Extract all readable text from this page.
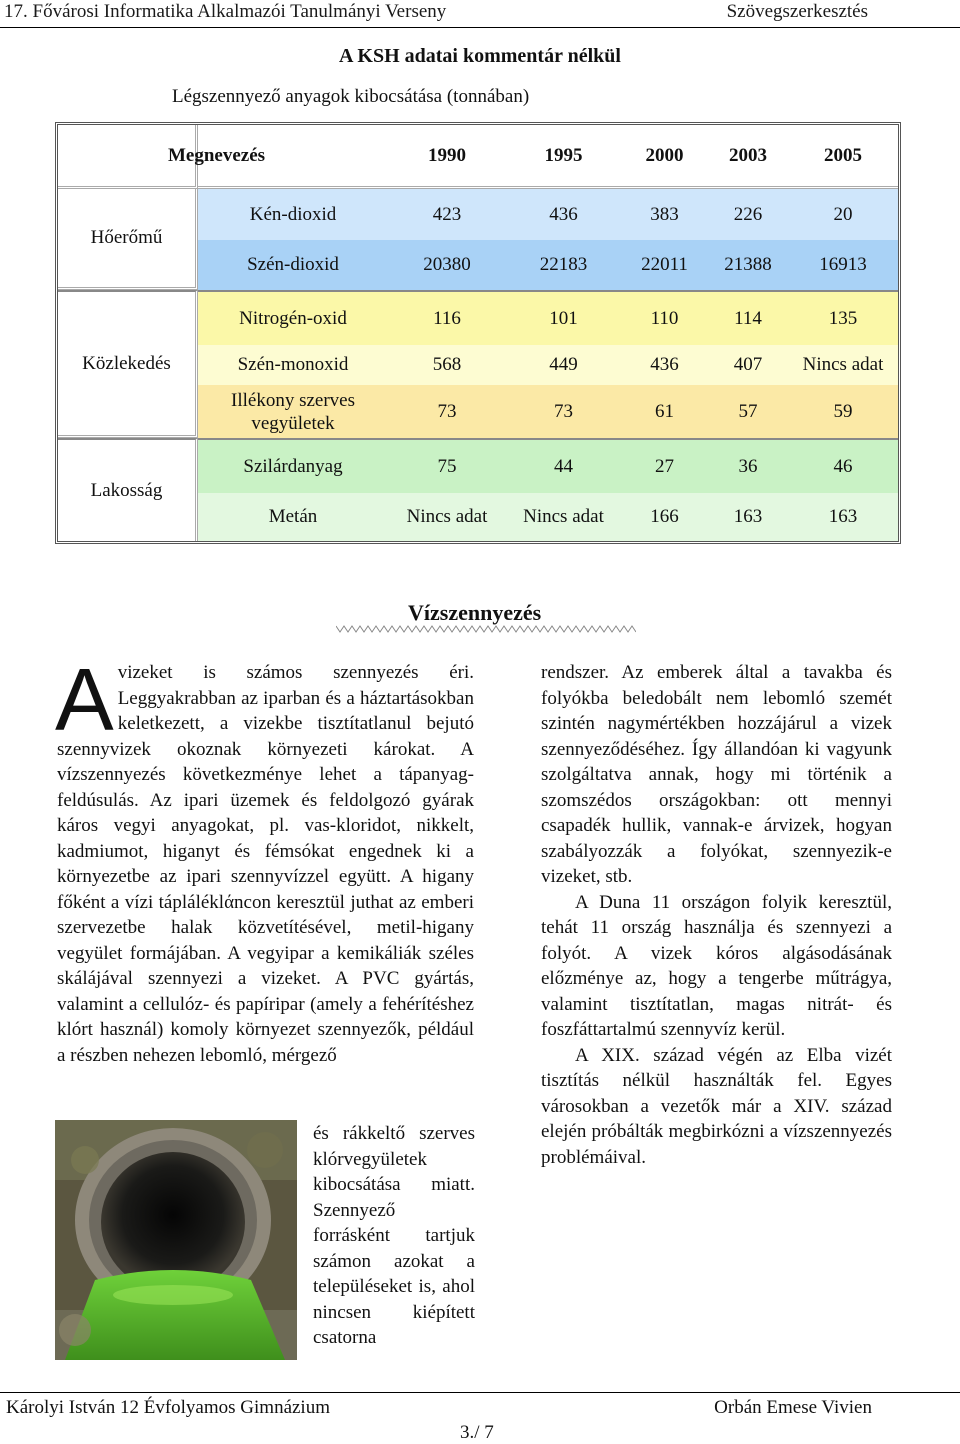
17. Fővárosi Informatika Alkalmazói Tanulmányi Verseny	Szövegszerkesztés
A KSH adatai kommentár nélkül
Légszennyező anyagok kibocsátása (tonnában)
	Megnevezés	1990	1995	2000	2003	2005
Hőerőmű	Kén-dioxid	423	436	383	226	20
	Szén-dioxid	20380	22183	22011	21388	16913
Közlekedés	Nitrogén-oxid	116	101	110	114	135
	Szén-monoxid	568	449	436	407	Nincs adat
	Illékony szerves vegyületek	73	73	61	57	59
Lakosság	Szilárdanyag	75	44	27	36	46
	Metán	Nincs adat	Nincs adat	166	163	163
Vízszennyezés

Avizeket is számos szennyezés éri. Leggyakrabban az iparban és a háztartásokban keletkezett, a vizekbe tisztítatlanul bejutó szennyvizek okoznak környezeti károkat. A vízszennyezés következménye lehet a tápanyag-feldúsulás. Az ipari üzemek és feldolgozó gyárak káros vegyi anyagokat, pl. vas-kloridot, nikkelt, kadmiumot, higanyt és fémsókat engednek ki a környezetbe az ipari szennyvízzel együtt. A higany főként a vízi tápláléklάncon keresztül juthat az emberi szervezetbe halak közvetítésével, metil-higany vegyület formájában. A vegyipar a kemikáliák széles skálájával szennyezi a vizeket. A PVC gyártás, valamint a cellulóz- és papíripar (amely a fehérítéshez klórt használ) komoly környezet szennyezők, például a részben nehezen lebomló, mérgező

és rákkeltő szerves klórvegyületek kibocsátása miatt. Szennyező forrásként tartjuk számon azokat a településeket is, ahol nincsen kiépített csatorna

rendszer. Az emberek által a tavakba és folyókba beledobált nem lebomló szemét szintén nagymértékben hozzájárul a vizek szennyeződéséhez. Így állandóan ki vagyunk szolgáltatva annak, hogy mi történik a szomszédos országokban: ott mennyi csapadék hullik, vannak-e árvizek, hogyan szabályozzák a folyókat, szennyezik-e vizeket, stb.

A Duna 11 országon folyik keresztül, tehát 11 ország használja és szennyezi a folyót. A vizek kóros algásodásának előzménye az, hogy a tengerbe műtrágya, valamint tisztítatlan, magas nitrát- és foszfáttartalmú szennyvíz kerül.

A XIX. század végén az Elba vizét tisztítás nélkül használták fel. Egyes városokban a vezetők már a XIV. század elején próbálták megbirkózni a vízszennyezés problémáival.

Károlyi István 12 Évfolyamos Gimnázium	Orbán Emese Vivien
3./ 7
